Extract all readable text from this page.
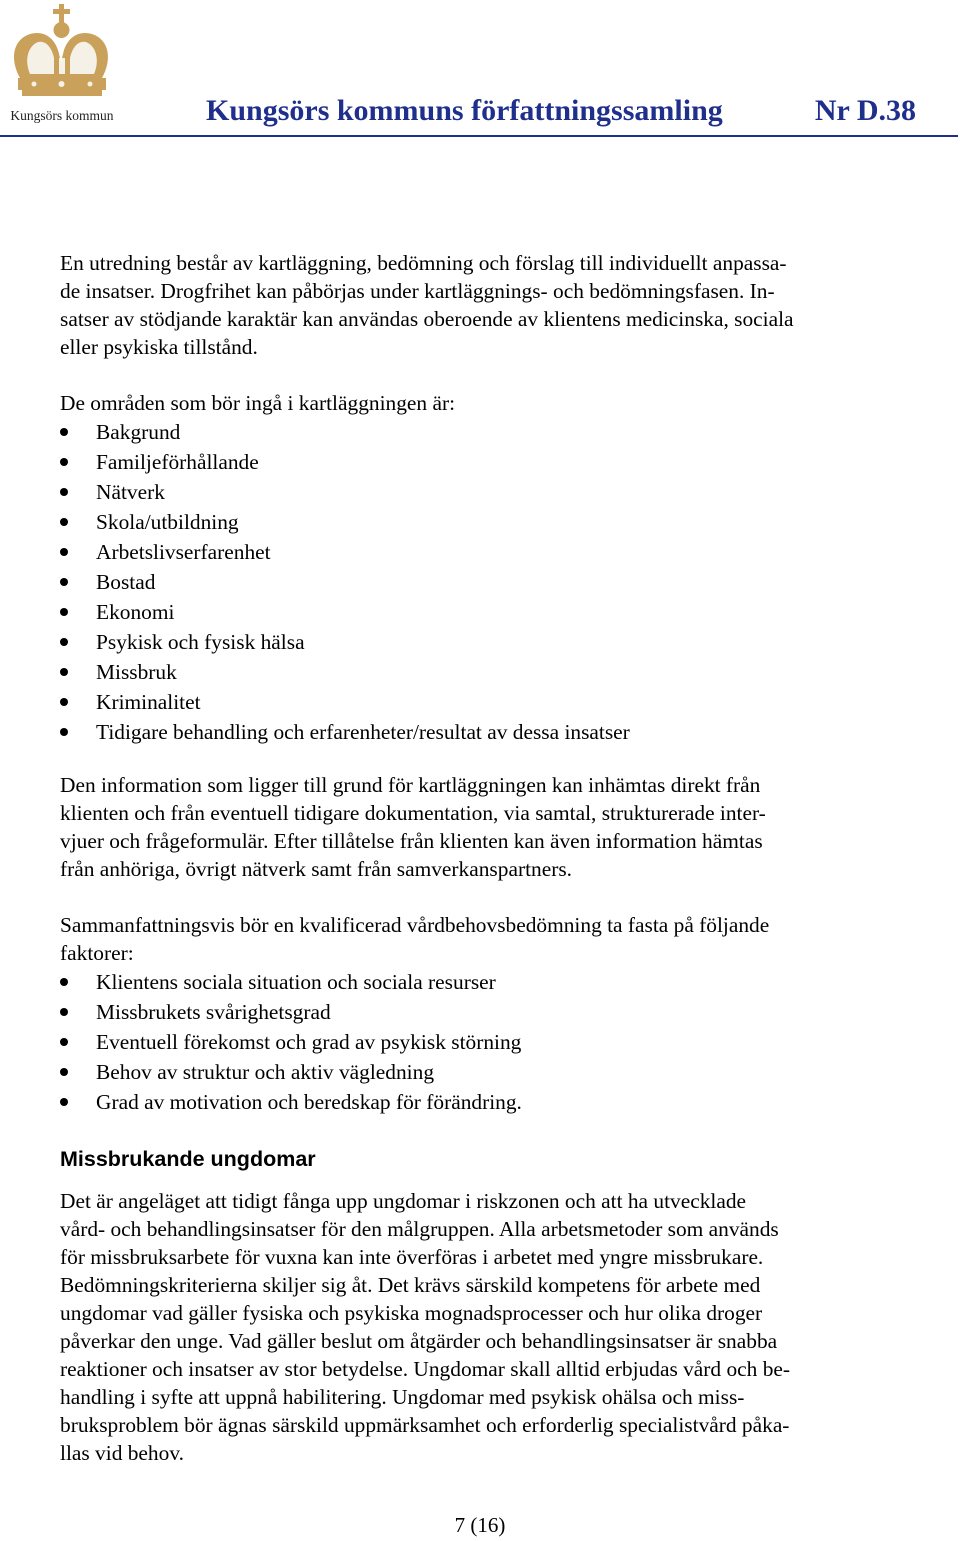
Kungsörs kommun	Kungsörs kommuns författningssamling	Nr D.38

En utredning består av kartläggning, bedömning och förslag till individuellt anpassa-
de insatser. Drogfrihet kan påbörjas under kartläggnings- och bedömningsfasen. In-
satser av stödjande karaktär kan användas oberoende av klientens medicinska, sociala
eller psykiska tillstånd.

De områden som bör ingå i kartläggningen är:

Bakgrund
Familjeförhållande
Nätverk
Skola/utbildning
Arbetslivserfarenhet
Bostad
Ekonomi
Psykisk och fysisk hälsa
Missbruk
Kriminalitet
Tidigare behandling och erfarenheter/resultat av dessa insatser

Den information som ligger till grund för kartläggningen kan inhämtas direkt från
klienten och från eventuell tidigare dokumentation, via samtal, strukturerade inter-
vjuer och frågeformulär. Efter tillåtelse från klienten kan även information hämtas
från anhöriga, övrigt nätverk samt från samverkanspartners.

Sammanfattningsvis bör en kvalificerad vårdbehovsbedömning ta fasta på följande
faktorer:

Klientens sociala situation och sociala resurser
Missbrukets svårighetsgrad
Eventuell förekomst och grad av psykisk störning
Behov av struktur och aktiv vägledning
Grad av motivation och beredskap för förändring.
Missbrukande ungdomar

Det är angeläget att tidigt fånga upp ungdomar i riskzonen och att ha utvecklade
vård- och behandlingsinsatser för den målgruppen. Alla arbetsmetoder som används
för missbruksarbete för vuxna kan inte överföras i arbetet med yngre missbrukare.
Bedömningskriterierna skiljer sig åt. Det krävs särskild kompetens för arbete med
ungdomar vad gäller fysiska och psykiska mognadsprocesser och hur olika droger
påverkar den unge. Vad gäller beslut om åtgärder och behandlingsinsatser är snabba
reaktioner och insatser av stor betydelse. Ungdomar skall alltid erbjudas vård och be-
handling i syfte att uppnå habilitering. Ungdomar med psykisk ohälsa och miss-
bruksproblem bör ägnas särskild uppmärksamhet och erforderlig specialistvård påka-
llas vid behov.

7 (16)
